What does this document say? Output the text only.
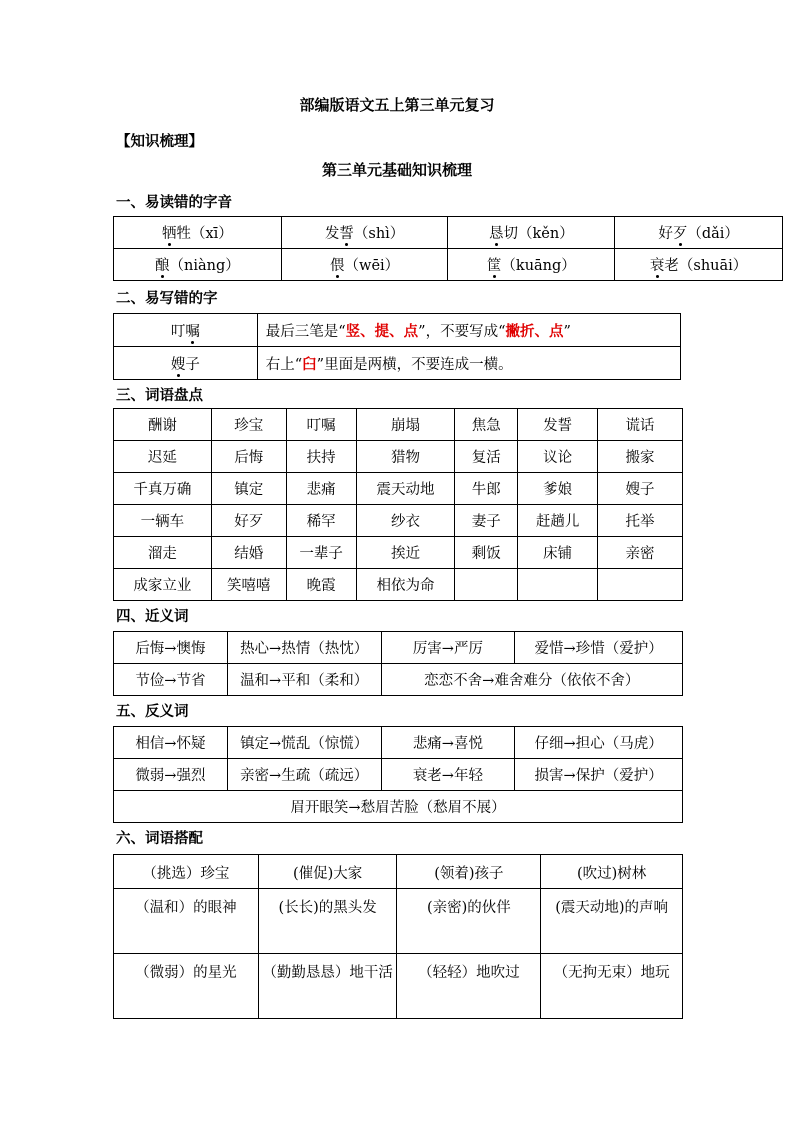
部编版语文五上第三单元复习
【知识梳理】
第三单元基础知识梳理
一、易读错的字音
牺牲（xī）	发誓（shì）	恳切（kěn）	好歹（dǎi）
酿（niàng）	偎（wēi）	筐（kuāng）	衰老（shuāi）
二、易写错的字
叮嘱	最后三笔是“竖、提、点”，不要写成“撇折、点”
嫂子	右上“臼”里面是两横，不要连成一横。
三、词语盘点
酬谢	珍宝	叮嘱	崩塌	焦急	发誓	谎话
迟延	后悔	扶持	猎物	复活	议论	搬家
千真万确	镇定	悲痛	震天动地	牛郎	爹娘	嫂子
一辆车	好歹	稀罕	纱衣	妻子	赶趟儿	托举
溜走	结婚	一辈子	挨近	剩饭	床铺	亲密
成家立业	笑嘻嘻	晚霞	相依为命			
四、近义词
后悔→懊悔	热心→热情（热忱）	厉害→严厉	爱惜→珍惜（爱护）
节俭→节省	温和→平和（柔和）	恋恋不舍→难舍难分（依依不舍）	
五、反义词
相信→怀疑	镇定→慌乱（惊慌）	悲痛→喜悦	仔细→担心（马虎）
微弱→强烈	亲密→生疏（疏远）	衰老→年轻	损害→保护（爱护）
眉开眼笑→愁眉苦脸（愁眉不展）			
六、词语搭配
（挑选）珍宝	(催促)大家	(领着)孩子	(吹过)树林
（温和）的眼神	(长长)的黑头发	(亲密)的伙伴	(震天动地)的声响
（微弱）的星光	（勤勤恳恳）地干活	（轻轻）地吹过	（无拘无束）地玩
